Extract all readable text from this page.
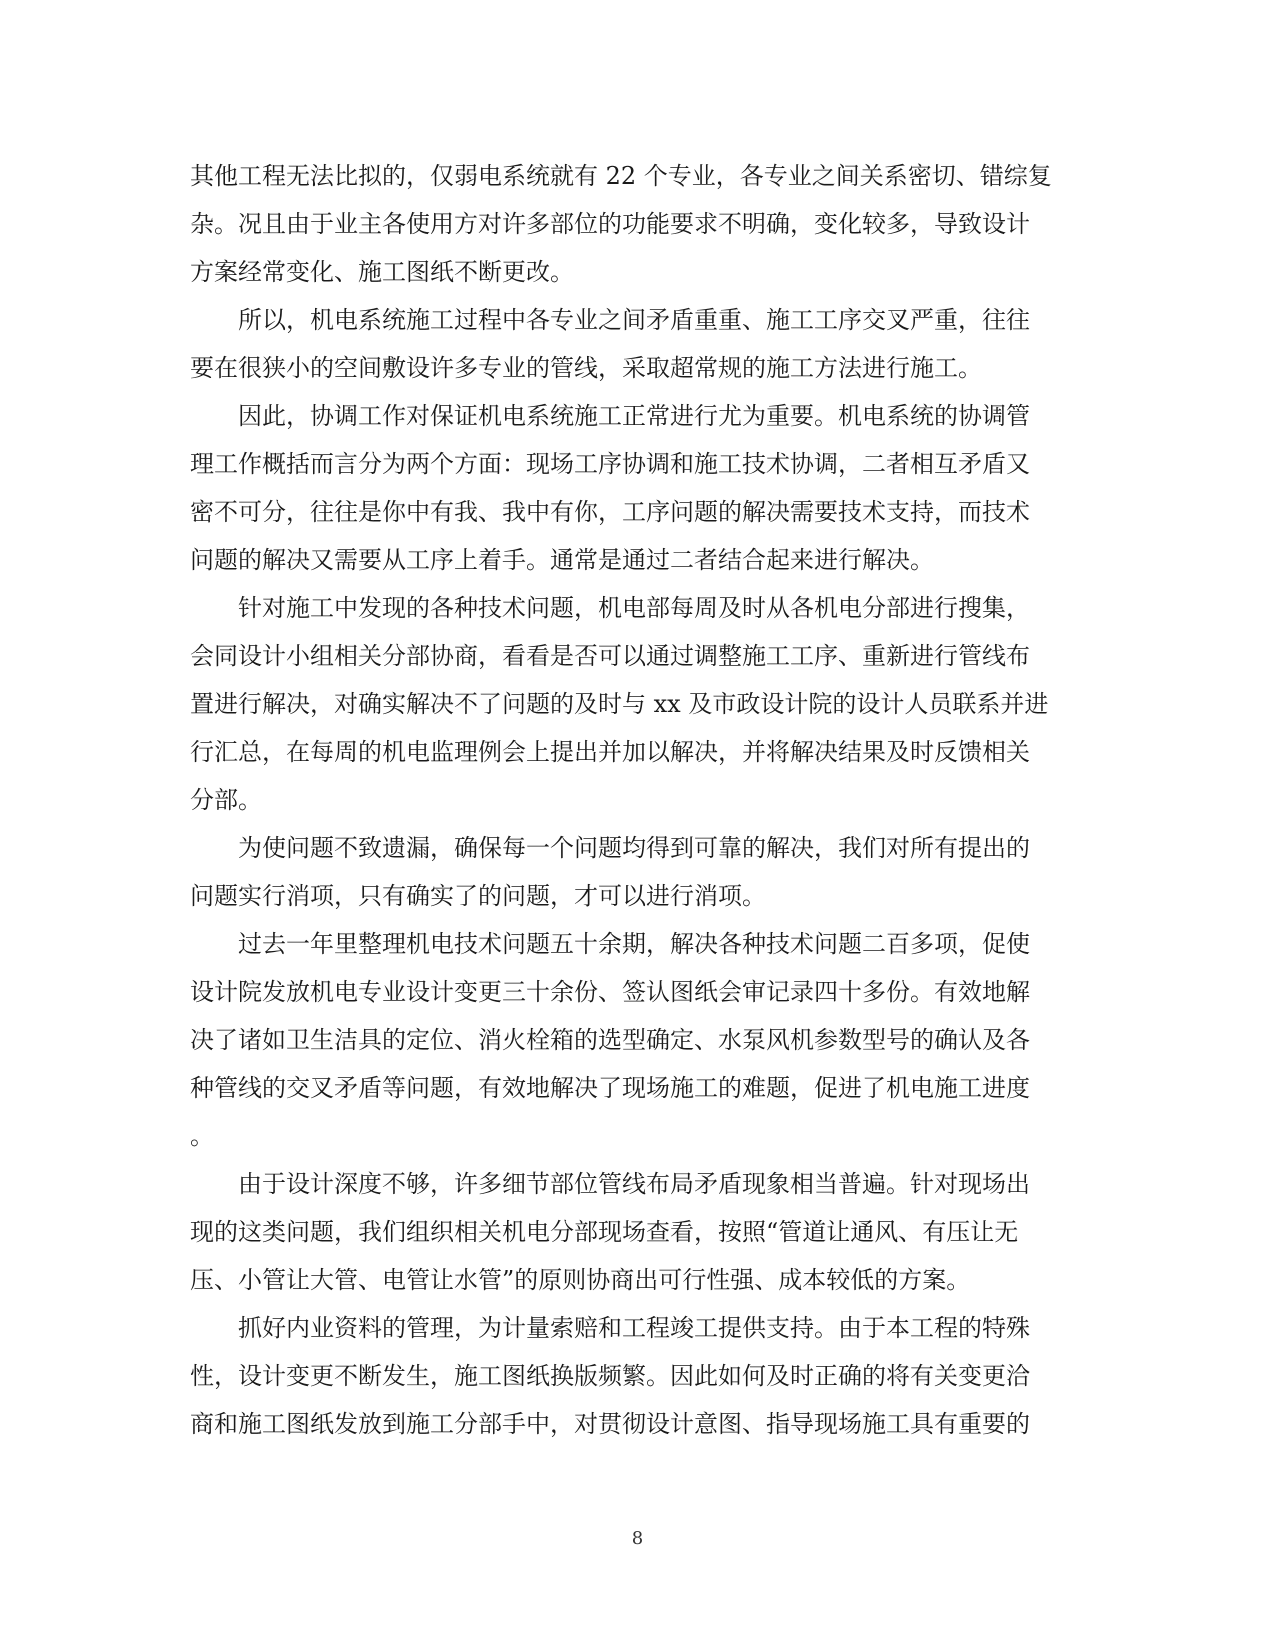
其他工程无法比拟的，仅弱电系统就有 22 个专业，各专业之间关系密切、错综复
杂。况且由于业主各使用方对许多部位的功能要求不明确，变化较多，导致设计
方案经常变化、施工图纸不断更改。

所以，机电系统施工过程中各专业之间矛盾重重、施工工序交叉严重，往往
要在很狭小的空间敷设许多专业的管线，采取超常规的施工方法进行施工。

因此，协调工作对保证机电系统施工正常进行尤为重要。机电系统的协调管
理工作概括而言分为两个方面：现场工序协调和施工技术协调，二者相互矛盾又
密不可分，往往是你中有我、我中有你，工序问题的解决需要技术支持，而技术
问题的解决又需要从工序上着手。通常是通过二者结合起来进行解决。

针对施工中发现的各种技术问题，机电部每周及时从各机电分部进行搜集，
会同设计小组相关分部协商，看看是否可以通过调整施工工序、重新进行管线布
置进行解决，对确实解决不了问题的及时与 xx 及市政设计院的设计人员联系并进
行汇总，在每周的机电监理例会上提出并加以解决，并将解决结果及时反馈相关
分部。

为使问题不致遗漏，确保每一个问题均得到可靠的解决，我们对所有提出的
问题实行消项，只有确实了的问题，才可以进行消项。

过去一年里整理机电技术问题五十余期，解决各种技术问题二百多项，促使
设计院发放机电专业设计变更三十余份、签认图纸会审记录四十多份。有效地解
决了诸如卫生洁具的定位、消火栓箱的选型确定、水泵风机参数型号的确认及各
种管线的交叉矛盾等问题，有效地解决了现场施工的难题，促进了机电施工进度
。

由于设计深度不够，许多细节部位管线布局矛盾现象相当普遍。针对现场出
现的这类问题，我们组织相关机电分部现场查看，按照“管道让通风、有压让无
压、小管让大管、电管让水管”的原则协商出可行性强、成本较低的方案。

抓好内业资料的管理，为计量索赔和工程竣工提供支持。由于本工程的特殊
性，设计变更不断发生，施工图纸换版频繁。因此如何及时正确的将有关变更洽
商和施工图纸发放到施工分部手中，对贯彻设计意图、指导现场施工具有重要的

8
